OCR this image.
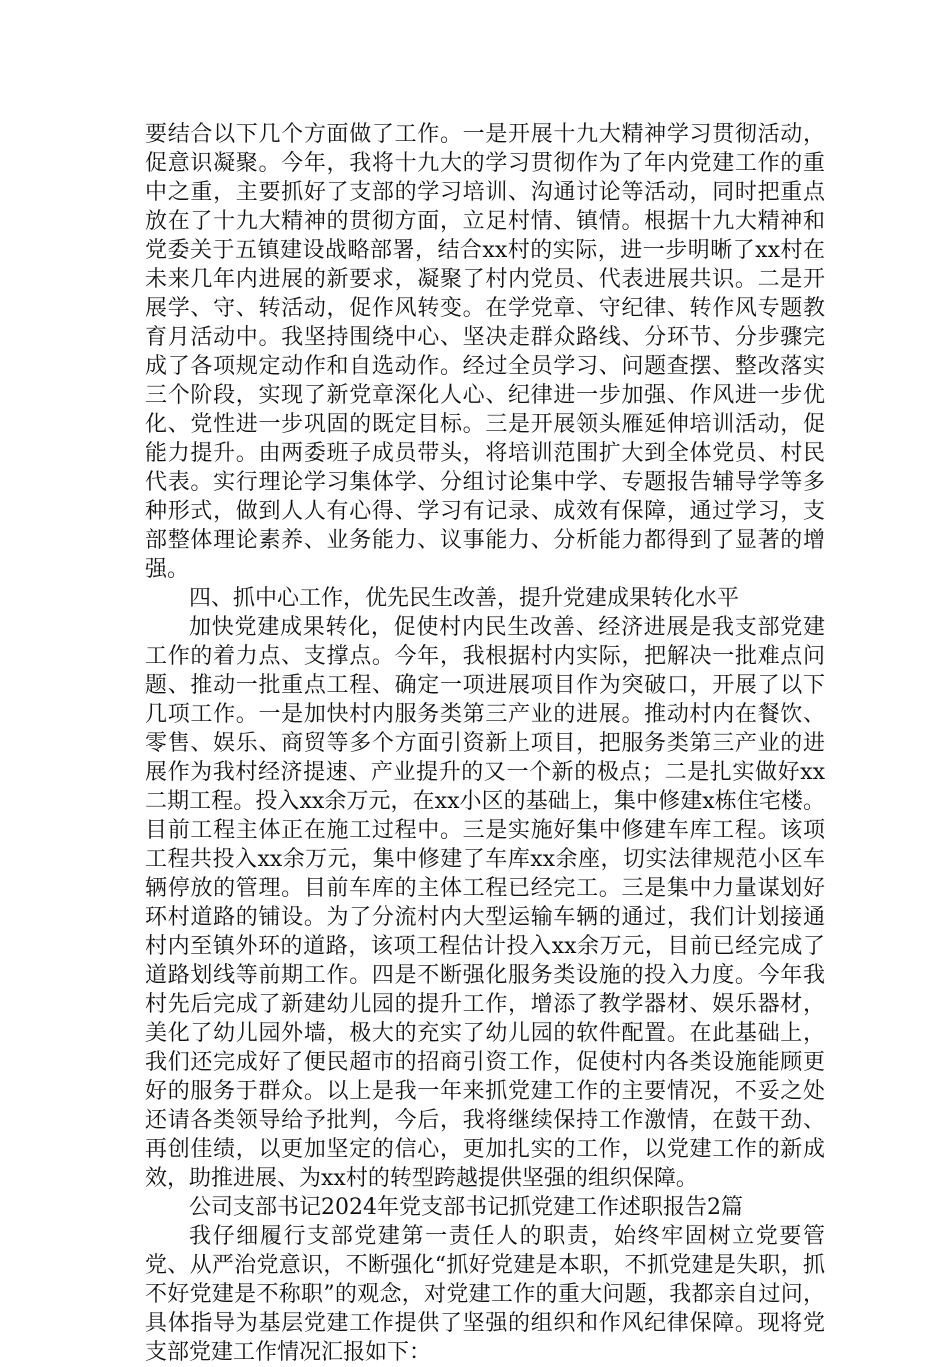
要结合以下几个方面做了工作。一是开展十九大精神学习贯彻活动，促意识凝聚。今年，我将十九大的学习贯彻作为了年内党建工作的重中之重，主要抓好了支部的学习培训、沟通讨论等活动，同时把重点放在了十九大精神的贯彻方面，立足村情、镇情。根据十九大精神和党委关于五镇建设战略部署，结合xx村的实际，进一步明晰了xx村在未来几年内进展的新要求，凝聚了村内党员、代表进展共识。二是开展学、守、转活动，促作风转变。在学党章、守纪律、转作风专题教育月活动中。我坚持围绕中心、坚决走群众路线、分环节、分步骤完成了各项规定动作和自选动作。经过全员学习、问题查摆、整改落实三个阶段，实现了新党章深化人心、纪律进一步加强、作风进一步优化、党性进一步巩固的既定目标。三是开展领头雁延伸培训活动，促能力提升。由两委班子成员带头，将培训范围扩大到全体党员、村民代表。实行理论学习集体学、分组讨论集中学、专题报告辅导学等多种形式，做到人人有心得、学习有记录、成效有保障，通过学习，支部整体理论素养、业务能力、议事能力、分析能力都得到了显著的增强。

四、抓中心工作，优先民生改善，提升党建成果转化水平

加快党建成果转化，促使村内民生改善、经济进展是我支部党建工作的着力点、支撑点。今年，我根据村内实际，把解决一批难点问题、推动一批重点工程、确定一项进展项目作为突破口，开展了以下几项工作。一是加快村内服务类第三产业的进展。推动村内在餐饮、零售、娱乐、商贸等多个方面引资新上项目，把服务类第三产业的进展作为我村经济提速、产业提升的又一个新的极点；二是扎实做好xx二期工程。投入xx余万元，在xx小区的基础上，集中修建x栋住宅楼。目前工程主体正在施工过程中。三是实施好集中修建车库工程。该项工程共投入xx余万元，集中修建了车库xx余座，切实法律规范小区车辆停放的管理。目前车库的主体工程已经完工。三是集中力量谋划好环村道路的铺设。为了分流村内大型运输车辆的通过，我们计划接通村内至镇外环的道路，该项工程估计投入xx余万元，目前已经完成了道路划线等前期工作。四是不断强化服务类设施的投入力度。今年我村先后完成了新建幼儿园的提升工作，增添了教学器材、娱乐器材，美化了幼儿园外墙，极大的充实了幼儿园的软件配置。在此基础上，我们还完成好了便民超市的招商引资工作，促使村内各类设施能顾更好的服务于群众。以上是我一年来抓党建工作的主要情况，不妥之处还请各类领导给予批判，今后，我将继续保持工作激情，在鼓干劲、再创佳绩，以更加坚定的信心，更加扎实的工作，以党建工作的新成效，助推进展、为xx村的转型跨越提供坚强的组织保障。

公司支部书记2024年党支部书记抓党建工作述职报告2篇

我仔细履行支部党建第一责任人的职责，始终牢固树立党要管党、从严治党意识，不断强化“抓好党建是本职，不抓党建是失职，抓不好党建是不称职”的观念，对党建工作的重大问题，我都亲自过问，具体指导为基层党建工作提供了坚强的组织和作风纪律保障。现将党支部党建工作情况汇报如下：
